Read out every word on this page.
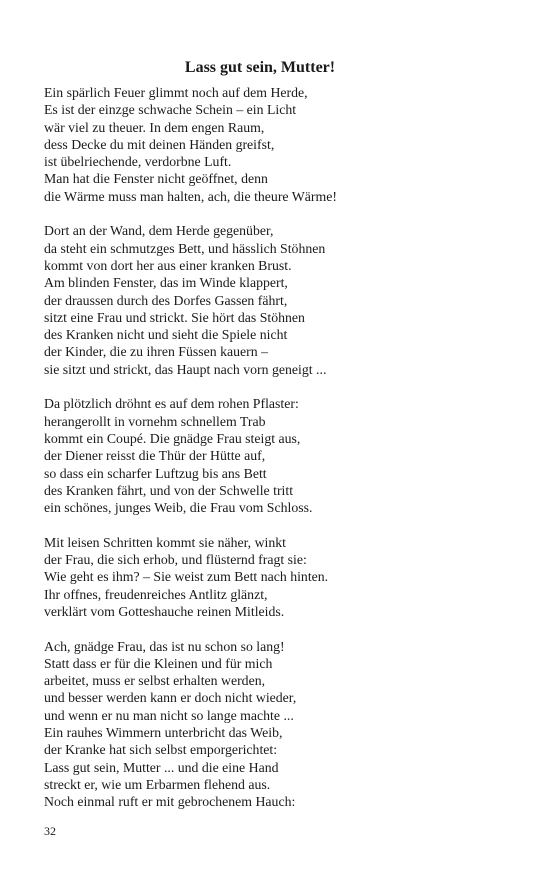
Lass gut sein, Mutter!
Ein spärlich Feuer glimmt noch auf dem Herde,
Es ist der einzge schwache Schein – ein Licht
wär viel zu theuer. In dem engen Raum,
dess Decke du mit deinen Händen greifst,
ist übelriechende, verdorbne Luft.
Man hat die Fenster nicht geöffnet, denn
die Wärme muss man halten, ach, die theure Wärme!
Dort an der Wand, dem Herde gegenüber,
da steht ein schmutzges Bett, und hässlich Stöhnen
kommt von dort her aus einer kranken Brust.
Am blinden Fenster, das im Winde klappert,
der draussen durch des Dorfes Gassen fährt,
sitzt eine Frau und strickt. Sie hört das Stöhnen
des Kranken nicht und sieht die Spiele nicht
der Kinder, die zu ihren Füssen kauern –
sie sitzt und strickt, das Haupt nach vorn geneigt ...
Da plötzlich dröhnt es auf dem rohen Pflaster:
herangerollt in vornehm schnellem Trab
kommt ein Coupé. Die gnädge Frau steigt aus,
der Diener reisst die Thür der Hütte auf,
so dass ein scharfer Luftzug bis ans Bett
des Kranken fährt, und von der Schwelle tritt
ein schönes, junges Weib, die Frau vom Schloss.
Mit leisen Schritten kommt sie näher, winkt
der Frau, die sich erhob, und flüsternd fragt sie:
Wie geht es ihm? – Sie weist zum Bett nach hinten.
Ihr offnes, freudenreiches Antlitz glänzt,
verklärt vom Gotteshauche reinen Mitleids.
Ach, gnädge Frau, das ist nu schon so lang!
Statt dass er für die Kleinen und für mich
arbeitet, muss er selbst erhalten werden,
und besser werden kann er doch nicht wieder,
und wenn er nu man nicht so lange machte ...
Ein rauhes Wimmern unterbricht das Weib,
der Kranke hat sich selbst emporgerichtet:
Lass gut sein, Mutter ... und die eine Hand
streckt er, wie um Erbarmen flehend aus.
Noch einmal ruft er mit gebrochenem Hauch:
32
